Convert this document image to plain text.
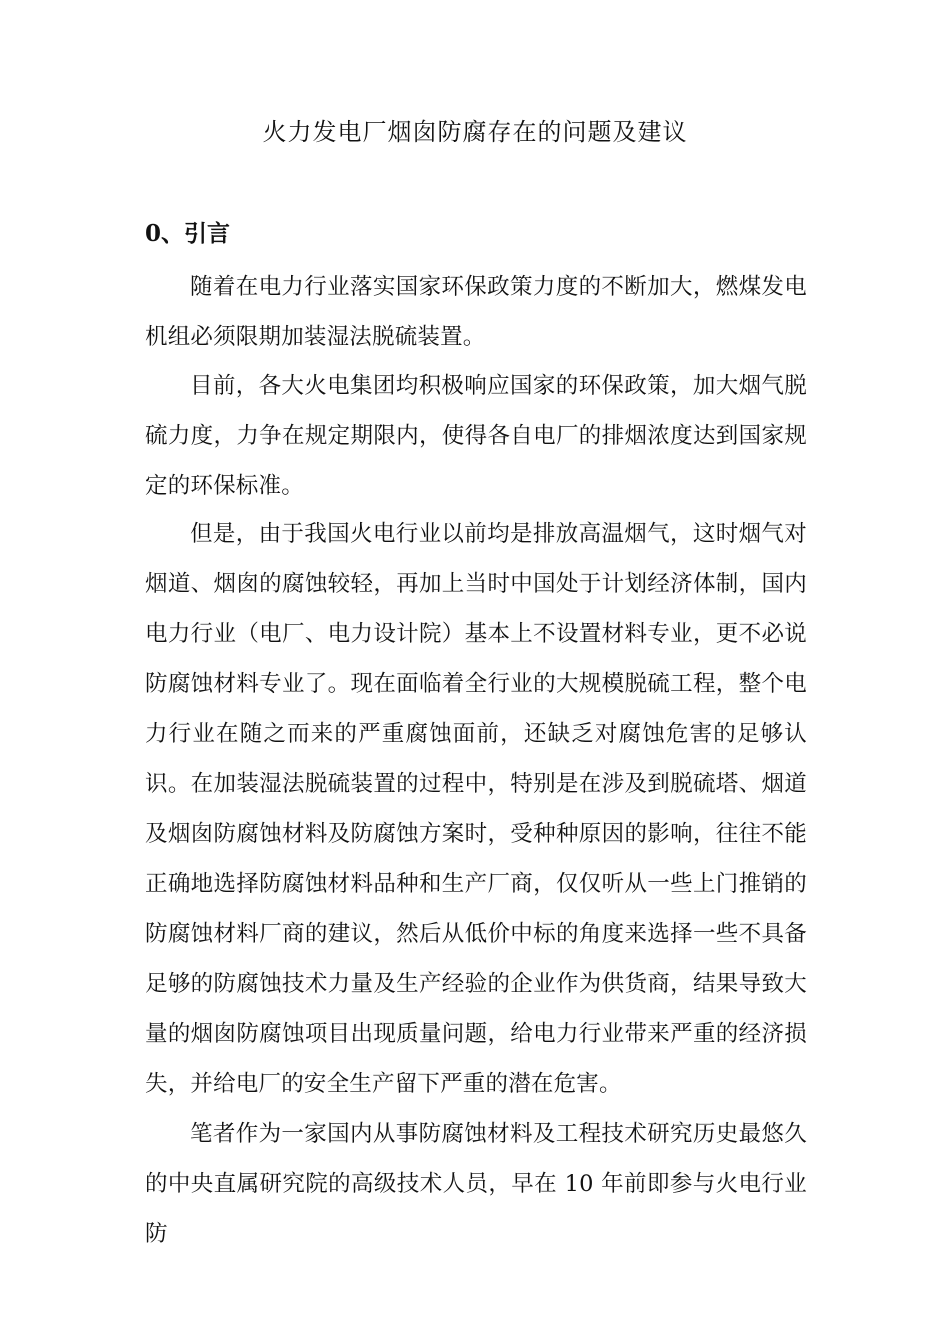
火力发电厂烟囱防腐存在的问题及建议
0、引言

随着在电力行业落实国家环保政策力度的不断加大，燃煤发电机组必须限期加装湿法脱硫装置。

目前，各大火电集团均积极响应国家的环保政策，加大烟气脱硫力度，力争在规定期限内，使得各自电厂的排烟浓度达到国家规定的环保标准。

但是，由于我国火电行业以前均是排放高温烟气，这时烟气对烟道、烟囱的腐蚀较轻，再加上当时中国处于计划经济体制，国内电力行业（电厂、电力设计院）基本上不设置材料专业，更不必说防腐蚀材料专业了。现在面临着全行业的大规模脱硫工程，整个电力行业在随之而来的严重腐蚀面前，还缺乏对腐蚀危害的足够认识。在加装湿法脱硫装置的过程中，特别是在涉及到脱硫塔、烟道及烟囱防腐蚀材料及防腐蚀方案时，受种种原因的影响，往往不能正确地选择防腐蚀材料品种和生产厂商，仅仅听从一些上门推销的防腐蚀材料厂商的建议，然后从低价中标的角度来选择一些不具备足够的防腐蚀技术力量及生产经验的企业作为供货商，结果导致大量的烟囱防腐蚀项目出现质量问题，给电力行业带来严重的经济损失，并给电厂的安全生产留下严重的潜在危害。

笔者作为一家国内从事防腐蚀材料及工程技术研究历史最悠久的中央直属研究院的高级技术人员，早在 10 年前即参与火电行业防
